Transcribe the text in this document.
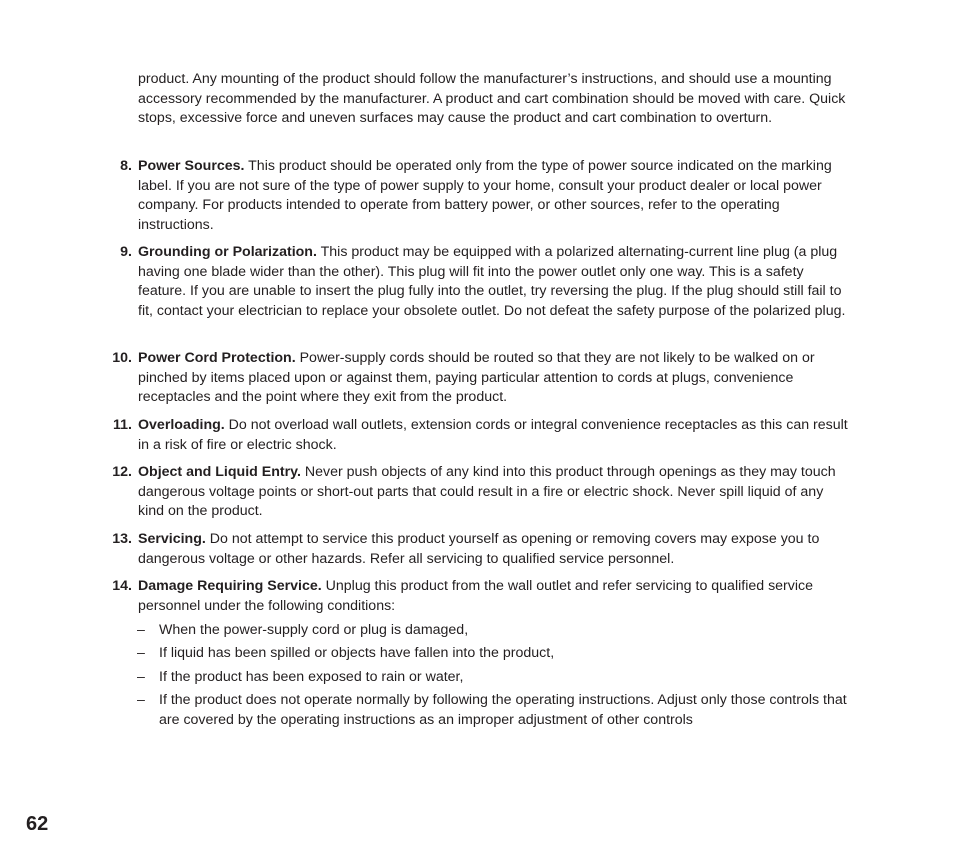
product. Any mounting of the product should follow the manufacturer’s instructions, and should use a mounting accessory recommended by the manufacturer. A product and cart combination should be moved with care. Quick stops, excessive force and uneven surfaces may cause the product and cart combination to overturn.

8. Power Sources. This product should be operated only from the type of power source indicated on the marking label. If you are not sure of the type of power supply to your home, consult your product dealer or local power company. For products intended to operate from battery power, or other sources, refer to the operating instructions.
9. Grounding or Polarization. This product may be equipped with a polarized alternating-current line plug (a plug having one blade wider than the other). This plug will fit into the power outlet only one way. This is a safety feature. If you are unable to insert the plug fully into the outlet, try reversing the plug. If the plug should still fail to fit, contact your electrician to replace your obsolete outlet. Do not defeat the safety purpose of the polarized plug.
10. Power Cord Protection. Power-supply cords should be routed so that they are not likely to be walked on or pinched by items placed upon or against them, paying particular attention to cords at plugs, convenience receptacles and the point where they exit from the product.
11. Overloading. Do not overload wall outlets, extension cords or integral convenience receptacles as this can result in a risk of fire or electric shock.
12. Object and Liquid Entry. Never push objects of any kind into this product through openings as they may touch dangerous voltage points or short-out parts that could result in a fire or electric shock. Never spill liquid of any kind on the product.
13. Servicing. Do not attempt to service this product yourself as opening or removing covers may expose you to dangerous voltage or other hazards. Refer all servicing to qualified service personnel.
14. Damage Requiring Service. Unplug this product from the wall outlet and refer servicing to qualified service personnel under the following conditions:
– When the power-supply cord or plug is damaged,
– If liquid has been spilled or objects have fallen into the product,
– If the product has been exposed to rain or water,
– If the product does not operate normally by following the operating instructions. Adjust only those controls that are covered by the operating instructions as an improper adjustment of other controls
62
